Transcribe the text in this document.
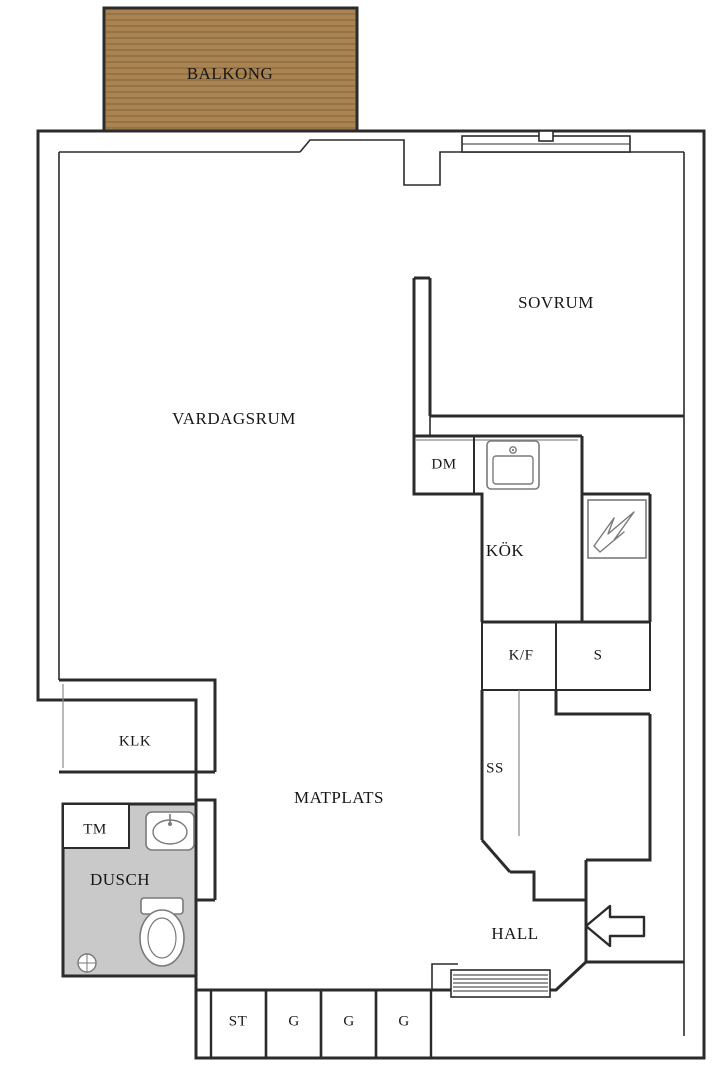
BALKONG
VARDAGSRUM
SOVRUM
DM
KÖK
K/F	S
SS
KLK
TM
DUSCH
MATPLATS
HALL
ST	G	G	G
